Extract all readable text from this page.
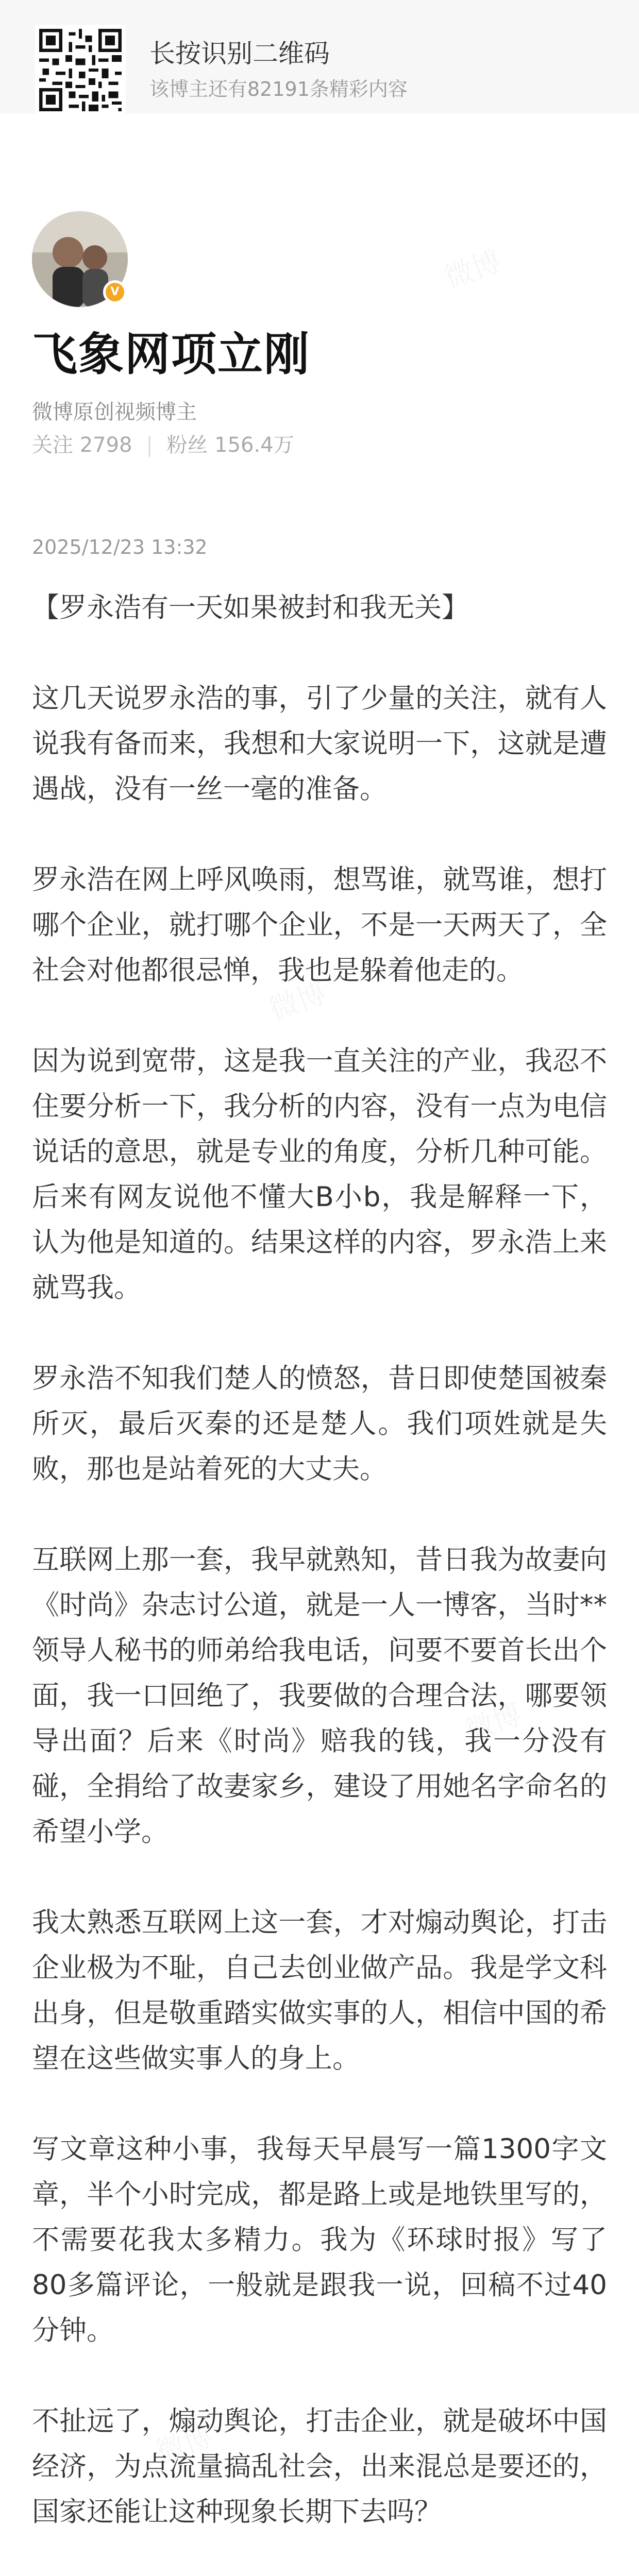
长按识别二维码
该博主还有82191条精彩内容
V
飞象网项立刚
微博原创视频博主
关注 2798 | 粉丝 156.4万
2025/12/23 13:32

【罗永浩有一天如果被封和我无关】

这几天说罗永浩的事，引了少量的关注，就有人说我有备而来，我想和大家说明一下，这就是遭遇战，没有一丝一毫的准备。

罗永浩在网上呼风唤雨，想骂谁，就骂谁，想打哪个企业，就打哪个企业，不是一天两天了，全社会对他都很忌惮，我也是躲着他走的。

因为说到宽带，这是我一直关注的产业，我忍不住要分析一下，我分析的内容，没有一点为电信说话的意思，就是专业的角度，分析几种可能。后来有网友说他不懂大B小b，我是解释一下，认为他是知道的。结果这样的内容，罗永浩上来就骂我。

罗永浩不知我们楚人的愤怒，昔日即使楚国被秦所灭，最后灭秦的还是楚人。我们项姓就是失败，那也是站着死的大丈夫。

互联网上那一套，我早就熟知，昔日我为故妻向《时尚》杂志讨公道，就是一人一博客，当时**领导人秘书的师弟给我电话，问要不要首长出个面，我一口回绝了，我要做的合理合法，哪要领导出面？后来《时尚》赔我的钱，我一分没有碰，全捐给了故妻家乡，建设了用她名字命名的希望小学。

我太熟悉互联网上这一套，才对煽动舆论，打击企业极为不耻，自己去创业做产品。我是学文科出身，但是敬重踏实做实事的人，相信中国的希望在这些做实事人的身上。

写文章这种小事，我每天早晨写一篇1300字文章，半个小时完成，都是路上或是地铁里写的，不需要花我太多精力。我为《环球时报》写了80多篇评论，一般就是跟我一说，回稿不过40分钟。

不扯远了，煽动舆论，打击企业，就是破坏中国经济，为点流量搞乱社会，出来混总是要还的，国家还能让这种现象长期下去吗？
